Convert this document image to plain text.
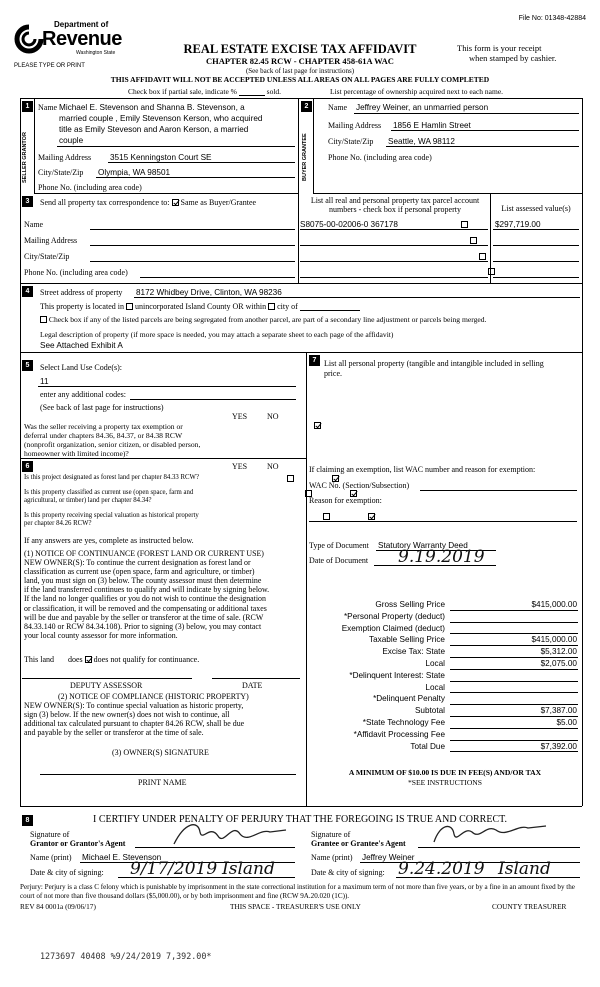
File No: 01348-42884
Department of
Revenue
Washington State
PLEASE TYPE OR PRINT
REAL ESTATE EXCISE TAX AFFIDAVIT
CHAPTER 82.45 RCW - CHAPTER 458-61A WAC
This form is your receipt
when stamped by cashier.
(See back of last page for instructions)
THIS AFFIDAVIT WILL NOT BE ACCEPTED UNLESS ALL AREAS ON ALL PAGES ARE FULLY COMPLETED
Check box if partial sale, indicate %	sold.	List percentage of ownership acquired next to each name.
1
SELLER GRANTOR
Name Michael E. Stevenson and Shanna B. Stevenson, a
married couple , Emily Stevenson Kerson, who acquired
title as Emily Steveson and Aaron Kerson, a married
couple
Mailing Address 3515 Kenningston Court SE
City/State/Zip Olympia, WA 98501
Phone No. (including area code)
2
BUYER GRANTEE
Name Jeffrey Weiner, an unmarried person
Mailing Address 1856 E Hamlin Street
City/State/Zip Seattle, WA 98112
Phone No. (including area code)
3	Send all property tax correspondence to: Same as Buyer/Grantee	List all real and personal property tax parcel account
numbers - check box if personal property	List assessed value(s)
Name
Mailing Address
City/State/Zip
Phone No. (including area code)
S8075-00-02006-0 367178	$297,719.00

4	Street address of property 8172 Whidbey Drive, Clinton, WA 98236
This property is located in unincorporated Island County OR within city of
Check box if any of the listed parcels are being segregated from another parcel, are part of a secondary line adjustment or parcels being merged.
Legal description of property (if more space is needed, you may attach a separate sheet to each page of the affidavit)
See Attached Exhibit A
5	Select Land Use Code(s):
11
enter any additional codes:
(See back of last page for instructions)
YES NO
Was the seller receiving a property tax exemption or
deferral under chapters 84.36, 84.37, or 84.38 RCW
(nonprofit organization, senior citizen, or disabled person,
homeowner with limited income)?

6	YES NO
Is this project designated as forest land per chapter 84.33 RCW?

Is this property classified as current use (open space, farm and
agricultural, or timber) land per chapter 84.34?

Is this property receiving special valuation as historical property
per chapter 84.26 RCW?

If any answers are yes, complete as instructed below.
(1) NOTICE OF CONTINUANCE (FOREST LAND OR CURRENT USE)
NEW OWNER(S): To continue the current designation as forest land or
classification as current use (open space, farm and agriculture, or timber)
land, you must sign on (3) below. The county assessor must then determine
if the land transferred continues to qualify and will indicate by signing below.
If the land no longer qualifies or you do not wish to continue the designation
or classification, it will be removed and the compensating or additional taxes
will be due and payable by the seller or transferor at the time of sale. (RCW
84.33.140 or RCW 84.34.108). Prior to signing (3) below, you may contact
your local county assessor for more information.
This land does does not qualify for continuance.
DEPUTY ASSESSOR	DATE
(2) NOTICE OF COMPLIANCE (HISTORIC PROPERTY)
NEW OWNER(S): To continue special valuation as historic property,
sign (3) below. If the new owner(s) does not wish to continue, all
additional tax calculated pursuant to chapter 84.26 RCW, shall be due
and payable by the seller or transferor at the time of sale.
(3) OWNER(S) SIGNATURE
PRINT NAME
7 List all personal property (tangible and intangible included in selling
price.
If claiming an exemption, list WAC number and reason for exemption:
WAC No. (Section/Subsection)
Reason for exemption:
Type of Document Statutory Warranty Deed
Date of Document 9.19.2019
Gross Selling Price	$415,000.00
*Personal Property (deduct)
Exemption Claimed (deduct)
Taxable Selling Price	$415,000.00
Excise Tax: State	$5,312.00
Local	$2,075.00
*Delinquent Interest: State
Local
*Delinquent Penalty
Subtotal	$7,387.00
*State Technology Fee	$5.00
*Affidavit Processing Fee
Total Due	$7,392.00
A MINIMUM OF $10.00 IS DUE IN FEE(S) AND/OR TAX
*SEE INSTRUCTIONS
8	I CERTIFY UNDER PENALTY OF PERJURY THAT THE FOREGOING IS TRUE AND CORRECT.
Signature of
Grantor or Grantor's Agent
Name (print) Michael E. Stevenson
Date & city of signing: 9/17/2019 Island
Signature of
Grantee or Grantee's Agent
Name (print) Jeffrey Weiner
Date & city of signing: 9.24.2019 Island
Perjury: Perjury is a class C felony which is punishable by imprisonment in the state correctional institution for a maximum term of not more than five years, or by a fine in an amount fixed by the court of not more than five thousand dollars ($5,000.00), or by both imprisonment and fine (RCW 9A.20.020 (1C)).
REV 84 0001a (09/06/17)	THIS SPACE - TREASURER'S USE ONLY	COUNTY TREASURER
1273697 40408 %9/24/2019 7,392.00*
